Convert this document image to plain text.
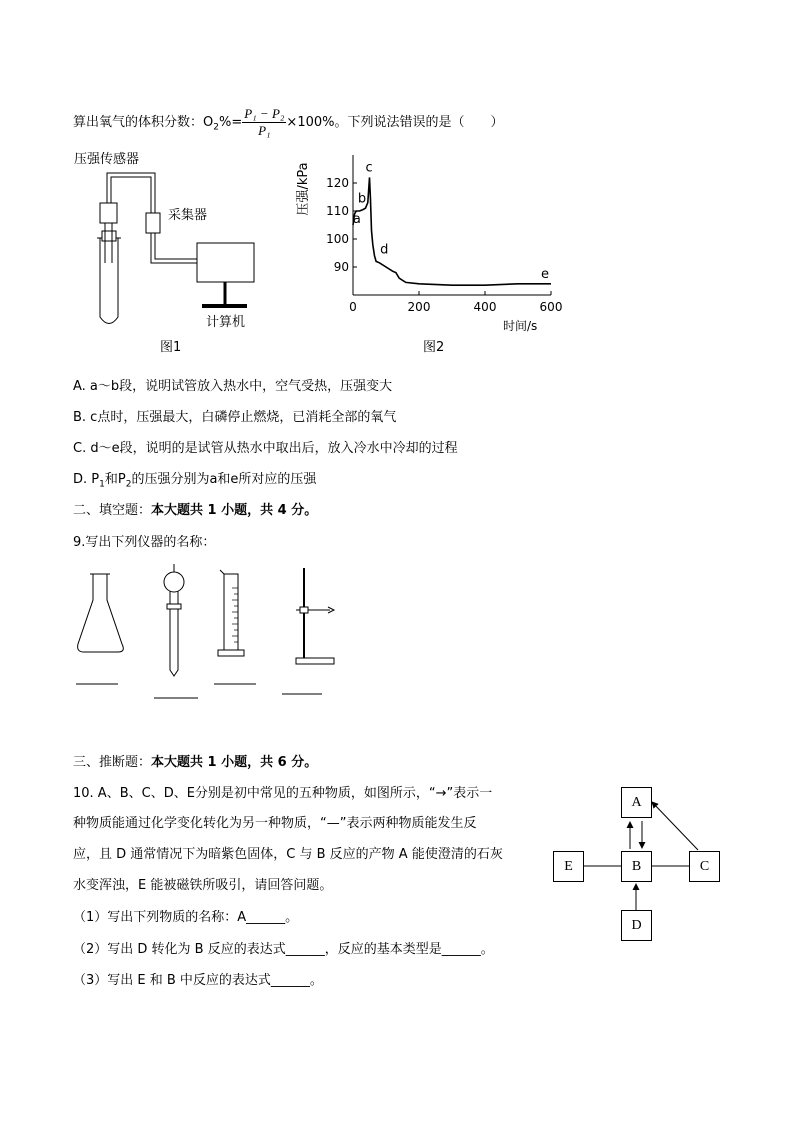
算出氧气的体积分数：$O_2\%= \frac{\text{P₁ − P₂}}{\text{P₁}} \times 100\%$。下列说法错误的是（　　）
压强传感器
采集器
计算机
图1
压强/kPa
90
100
110
120
0	200	400	600
a
b
c
d
e
时间/s
图2
A. a～b段，说明试管放入热水中，空气受热，压强变大
B. c点时，压强最大，白磷停止燃烧，已消耗全部的氧气
C. d～e段，说明的是试管从热水中取出后，放入冷水中冷却的过程
D. $P_1$和$P_2$的压强分别为a和e所对应的压强
二、填空题：本大题共 1 小题，共 4 分。
9.写出下列仪器的名称：
三、推断题：本大题共 1 小题，共 6 分。
10. A、B、C、D、E分别是初中常见的五种物质，如图所示，“→”表示一
种物质能通过化学变化转化为另一种物质，“—”表示两种物质能发生反
应，且 D 通常情况下为暗紫色固体，C 与 B 反应的产物 A 能使澄清的石灰
水变浑浊，E 能被磁铁所吸引，请回答问题。
（1）写出下列物质的名称：A______。
（2）写出 D 转化为 B 反应的表达式______，反应的基本类型是______。
（3）写出 E 和 B 中反应的表达式______。
A
B
E	C
D
